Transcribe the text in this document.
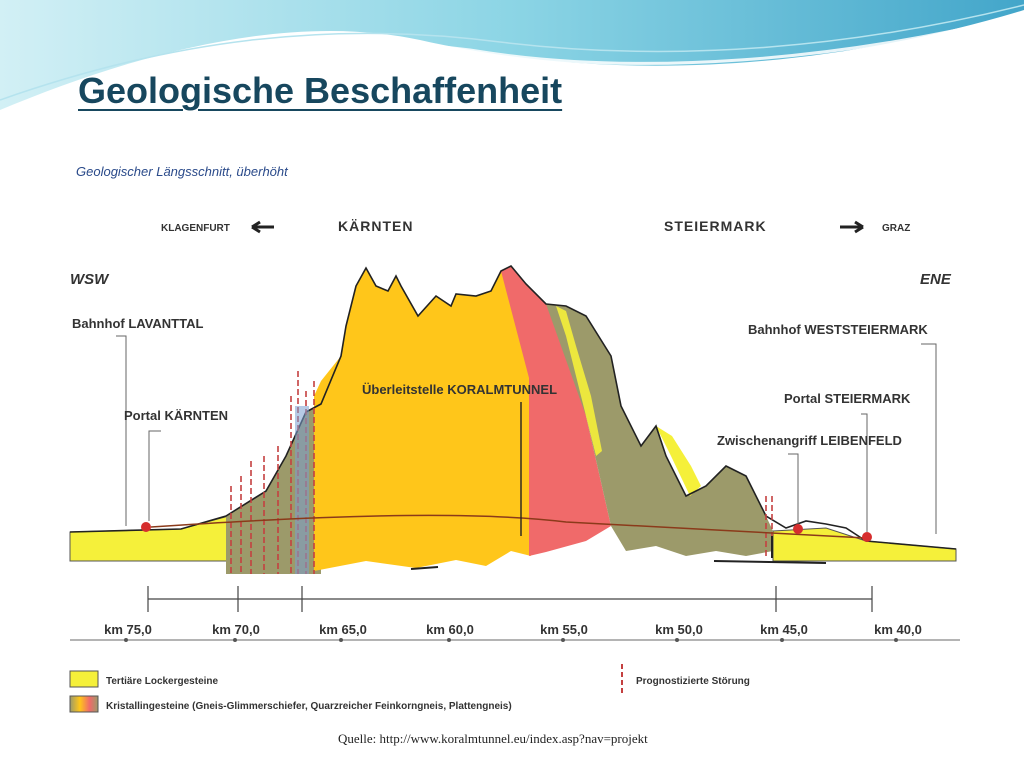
Geologische Beschaffenheit
Geologischer Längsschnitt, überhöht
KLAGENFURT	KÄRNTEN	STEIERMARK	GRAZ
WSW	ENE
Bahnhof LAVANTTAL
Portal KÄRNTEN
Überleitstelle KORALMTUNNEL
Bahnhof WESTSTEIERMARK
Portal STEIERMARK
Zwischenangriff LEIBENFELD
km 75,0	km 70,0	km 65,0	km 60,0	km 55,0	km 50,0	km 45,0	km 40,0
Tertiäre Lockergesteine
Kristallingesteine (Gneis-Glimmerschiefer, Quarzreicher Feinkorngneis, Plattengneis)
Prognostizierte Störung
Quelle: http://www.koralmtunnel.eu/index.asp?nav=projekt
